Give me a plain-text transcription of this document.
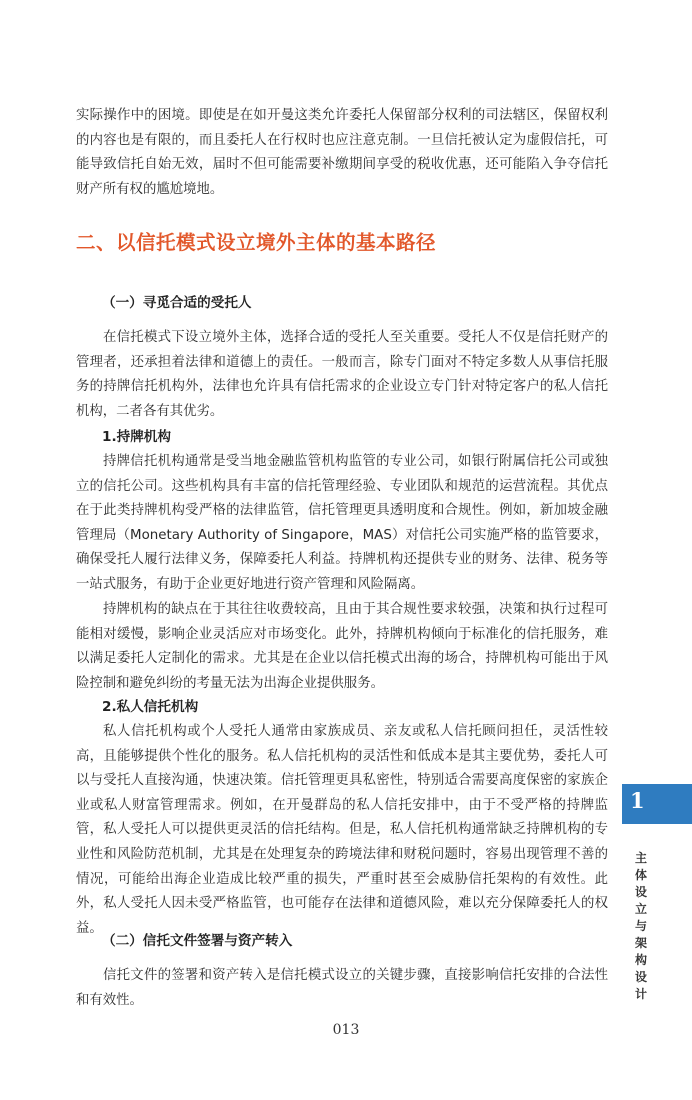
实际操作中的困境。即使是在如开曼这类允许委托人保留部分权利的司法辖区，保留权利的内容也是有限的，而且委托人在行权时也应注意克制。一旦信托被认定为虚假信托，可能导致信托自始无效，届时不但可能需要补缴期间享受的税收优惠，还可能陷入争夺信托财产所有权的尴尬境地。

二、以信托模式设立境外主体的基本路径

（一）寻觅合适的受托人

在信托模式下设立境外主体，选择合适的受托人至关重要。受托人不仅是信托财产的管理者，还承担着法律和道德上的责任。一般而言，除专门面对不特定多数人从事信托服务的持牌信托机构外，法律也允许具有信托需求的企业设立专门针对特定客户的私人信托机构，二者各有其优劣。

1.持牌机构

持牌信托机构通常是受当地金融监管机构监管的专业公司，如银行附属信托公司或独立的信托公司。这些机构具有丰富的信托管理经验、专业团队和规范的运营流程。其优点在于此类持牌机构受严格的法律监管，信托管理更具透明度和合规性。例如，新加坡金融管理局（Monetary Authority of Singapore，MAS）对信托公司实施严格的监管要求，确保受托人履行法律义务，保障委托人利益。持牌机构还提供专业的财务、法律、税务等一站式服务，有助于企业更好地进行资产管理和风险隔离。

持牌机构的缺点在于其往往收费较高，且由于其合规性要求较强，决策和执行过程可能相对缓慢，影响企业灵活应对市场变化。此外，持牌机构倾向于标准化的信托服务，难以满足委托人定制化的需求。尤其是在企业以信托模式出海的场合，持牌机构可能出于风险控制和避免纠纷的考量无法为出海企业提供服务。

2.私人信托机构

私人信托机构或个人受托人通常由家族成员、亲友或私人信托顾问担任，灵活性较高，且能够提供个性化的服务。私人信托机构的灵活性和低成本是其主要优势，委托人可以与受托人直接沟通，快速决策。信托管理更具私密性，特别适合需要高度保密的家族企业或私人财富管理需求。例如，在开曼群岛的私人信托安排中，由于不受严格的持牌监管，私人受托人可以提供更灵活的信托结构。但是，私人信托机构通常缺乏持牌机构的专业性和风险防范机制，尤其是在处理复杂的跨境法律和财税问题时，容易出现管理不善的情况，可能给出海企业造成比较严重的损失，严重时甚至会威胁信托架构的有效性。此外，私人受托人因未受严格监管，也可能存在法律和道德风险，难以充分保障委托人的权益。

（二）信托文件签署与资产转入

信托文件的签署和资产转入是信托模式设立的关键步骤，直接影响信托安排的合法性和有效性。

013
1
主体设立与架构设计
